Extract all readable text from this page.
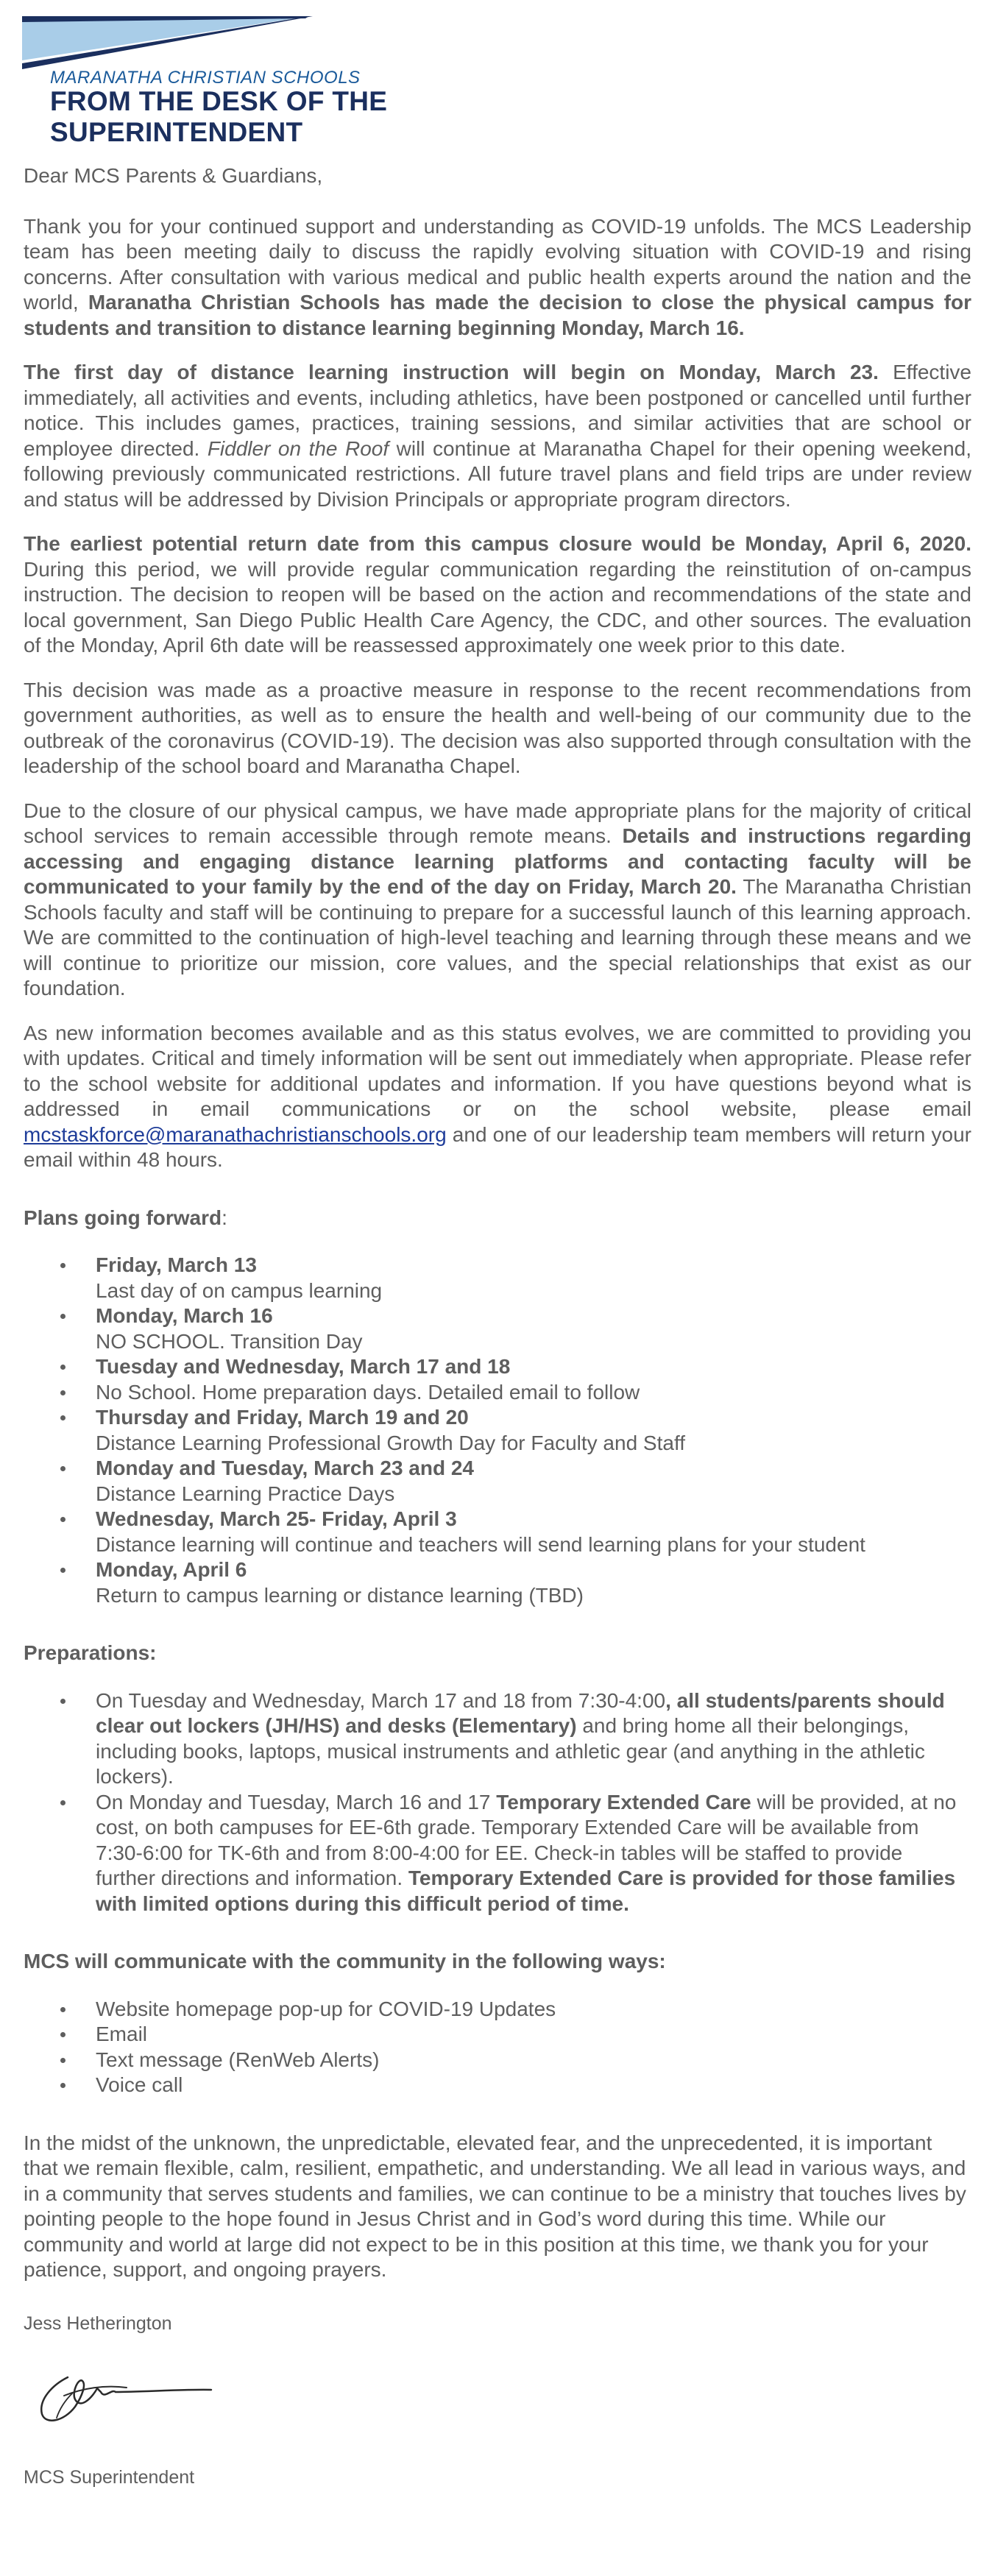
MARANATHA CHRISTIAN SCHOOLS
FROM THE DESK OF THE SUPERINTENDENT

Dear MCS Parents & Guardians,

Thank you for your continued support and understanding as COVID-19 unfolds. The MCS Leadership team has been meeting daily to discuss the rapidly evolving situation with COVID-19 and rising concerns. After consultation with various medical and public health experts around the nation and the world, Maranatha Christian Schools has made the decision to close the physical campus for students and transition to distance learning beginning Monday, March 16.

The first day of distance learning instruction will begin on Monday, March 23. Effective immediately, all activities and events, including athletics, have been postponed or cancelled until further notice. This includes games, practices, training sessions, and similar activities that are school or employee directed. Fiddler on the Roof will continue at Maranatha Chapel for their opening weekend, following previously communicated restrictions. All future travel plans and field trips are under review and status will be addressed by Division Principals or appropriate program directors.

The earliest potential return date from this campus closure would be Monday, April 6, 2020. During this period, we will provide regular communication regarding the reinstitution of on-campus instruction. The decision to reopen will be based on the action and recommendations of the state and local government, San Diego Public Health Care Agency, the CDC, and other sources. The evaluation of the Monday, April 6th date will be reassessed approximately one week prior to this date.

This decision was made as a proactive measure in response to the recent recommendations from government authorities, as well as to ensure the health and well-being of our community due to the outbreak of the coronavirus (COVID-19). The decision was also supported through consultation with the leadership of the school board and Maranatha Chapel.

Due to the closure of our physical campus, we have made appropriate plans for the majority of critical school services to remain accessible through remote means. Details and instructions regarding accessing and engaging distance learning platforms and contacting faculty will be communicated to your family by the end of the day on Friday, March 20. The Maranatha Christian Schools faculty and staff will be continuing to prepare for a successful launch of this learning approach. We are committed to the continuation of high-level teaching and learning through these means and we will continue to prioritize our mission, core values, and the special relationships that exist as our foundation.

As new information becomes available and as this status evolves, we are committed to providing you with updates. Critical and timely information will be sent out immediately when appropriate. Please refer to the school website for additional updates and information. If you have questions beyond what is addressed in email communications or on the school website, please email mcstaskforce@maranathachristianschools.org and one of our leadership team members will return your email within 48 hours.

Plans going forward:

Friday, March 13
Last day of on campus learning
Monday, March 16
NO SCHOOL. Transition Day
Tuesday and Wednesday, March 17 and 18
No School. Home preparation days. Detailed email to follow
Thursday and Friday, March 19 and 20
Distance Learning Professional Growth Day for Faculty and Staff
Monday and Tuesday, March 23 and 24
Distance Learning Practice Days
Wednesday, March 25- Friday, April 3
Distance learning will continue and teachers will send learning plans for your student
Monday, April 6
Return to campus learning or distance learning (TBD)

Preparations:

On Tuesday and Wednesday, March 17 and 18 from 7:30-4:00, all students/parents should clear out lockers (JH/HS) and desks (Elementary) and bring home all their belongings, including books, laptops, musical instruments and athletic gear (and anything in the athletic lockers).
On Monday and Tuesday, March 16 and 17 Temporary Extended Care will be provided, at no cost, on both campuses for EE-6th grade. Temporary Extended Care will be available from 7:30-6:00 for TK-6th and from 8:00-4:00 for EE. Check-in tables will be staffed to provide further directions and information. Temporary Extended Care is provided for those families with limited options during this difficult period of time.

MCS will communicate with the community in the following ways:

Website homepage pop-up for COVID-19 Updates
Email
Text message (RenWeb Alerts)
Voice call

In the midst of the unknown, the unpredictable, elevated fear, and the unprecedented, it is important that we remain flexible, calm, resilient, empathetic, and understanding. We all lead in various ways, and in a community that serves students and families, we can continue to be a ministry that touches lives by pointing people to the hope found in Jesus Christ and in God’s word during this time. While our community and world at large did not expect to be in this position at this time, we thank you for your patience, support, and ongoing prayers.

Jess Hetherington
MCS Superintendent
